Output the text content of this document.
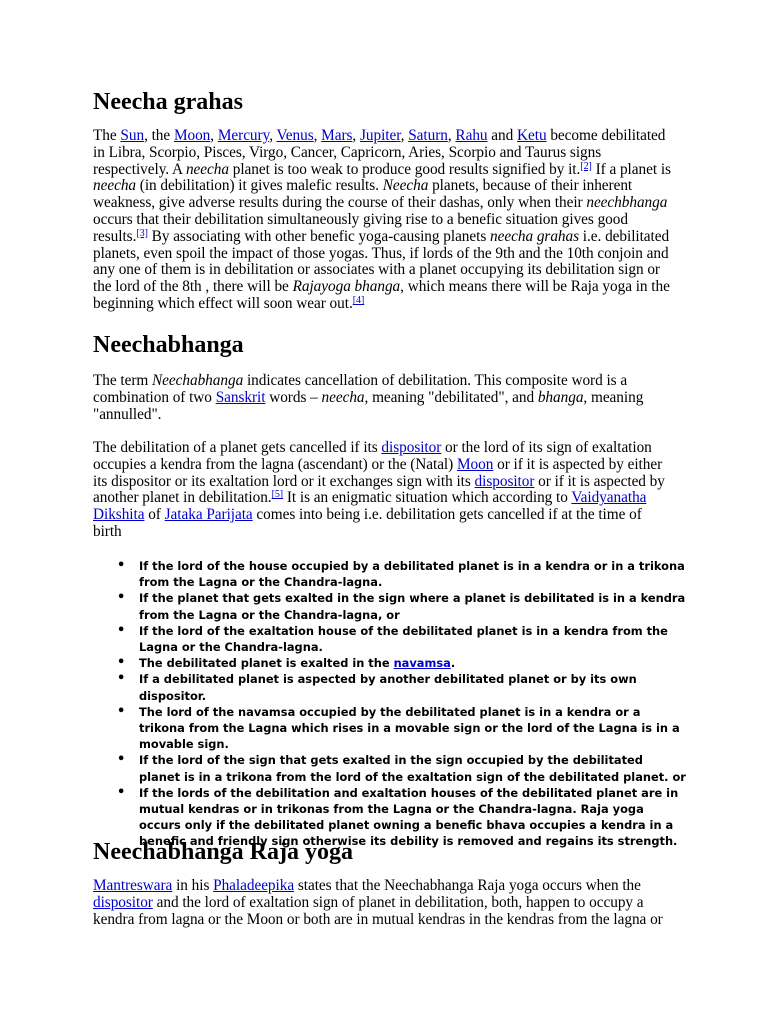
Neecha grahas

The Sun, the Moon, Mercury, Venus, Mars, Jupiter, Saturn, Rahu and Ketu become debilitated in Libra, Scorpio, Pisces, Virgo, Cancer, Capricorn, Aries, Scorpio and Taurus signs respectively. A neecha planet is too weak to produce good results signified by it.[2] If a planet is neecha (in debilitation) it gives malefic results. Neecha planets, because of their inherent weakness, give adverse results during the course of their dashas, only when their neechbhanga occurs that their debilitation simultaneously giving rise to a benefic situation gives good results.[3] By associating with other benefic yoga-causing planets neecha grahas i.e. debilitated planets, even spoil the impact of those yogas. Thus, if lords of the 9th and the 10th conjoin and any one of them is in debilitation or associates with a planet occupying its debilitation sign or the lord of the 8th , there will be Rajayoga bhanga, which means there will be Raja yoga in the beginning which effect will soon wear out.[4]

Neechabhanga

The term Neechabhanga indicates cancellation of debilitation. This composite word is a combination of two Sanskrit words – neecha, meaning "debilitated", and bhanga, meaning "annulled".

The debilitation of a planet gets cancelled if its dispositor or the lord of its sign of exaltation occupies a kendra from the lagna (ascendant) or the (Natal) Moon or if it is aspected by either its dispositor or its exaltation lord or it exchanges sign with its dispositor or if it is aspected by another planet in debilitation.[5] It is an enigmatic situation which according to Vaidyanatha Dikshita of Jataka Parijata comes into being i.e. debilitation gets cancelled if at the time of birth

• If the lord of the house occupied by a debilitated planet is in a kendra or in a trikona from the Lagna or the Chandra-lagna.
• If the planet that gets exalted in the sign where a planet is debilitated is in a kendra from the Lagna or the Chandra-lagna, or
• If the lord of the exaltation house of the debilitated planet is in a kendra from the Lagna or the Chandra-lagna.
• The debilitated planet is exalted in the navamsa.
• If a debilitated planet is aspected by another debilitated planet or by its own dispositor.
• The lord of the navamsa occupied by the debilitated planet is in a kendra or a trikona from the Lagna which rises in a movable sign or the lord of the Lagna is in a movable sign.
• If the lord of the sign that gets exalted in the sign occupied by the debilitated planet is in a trikona from the lord of the exaltation sign of the debilitated planet. or
• If the lords of the debilitation and exaltation houses of the debilitated planet are in mutual kendras or in trikonas from the Lagna or the Chandra-lagna. Raja yoga occurs only if the debilitated planet owning a benefic bhava occupies a kendra in a benefic and friendly sign otherwise its debility is removed and regains its strength.
Neechabhanga Raja yoga

Mantreswara in his Phaladeepika states that the Neechabhanga Raja yoga occurs when the dispositor and the lord of exaltation sign of planet in debilitation, both, happen to occupy a kendra from lagna or the Moon or both are in mutual kendras in the kendras from the lagna or
